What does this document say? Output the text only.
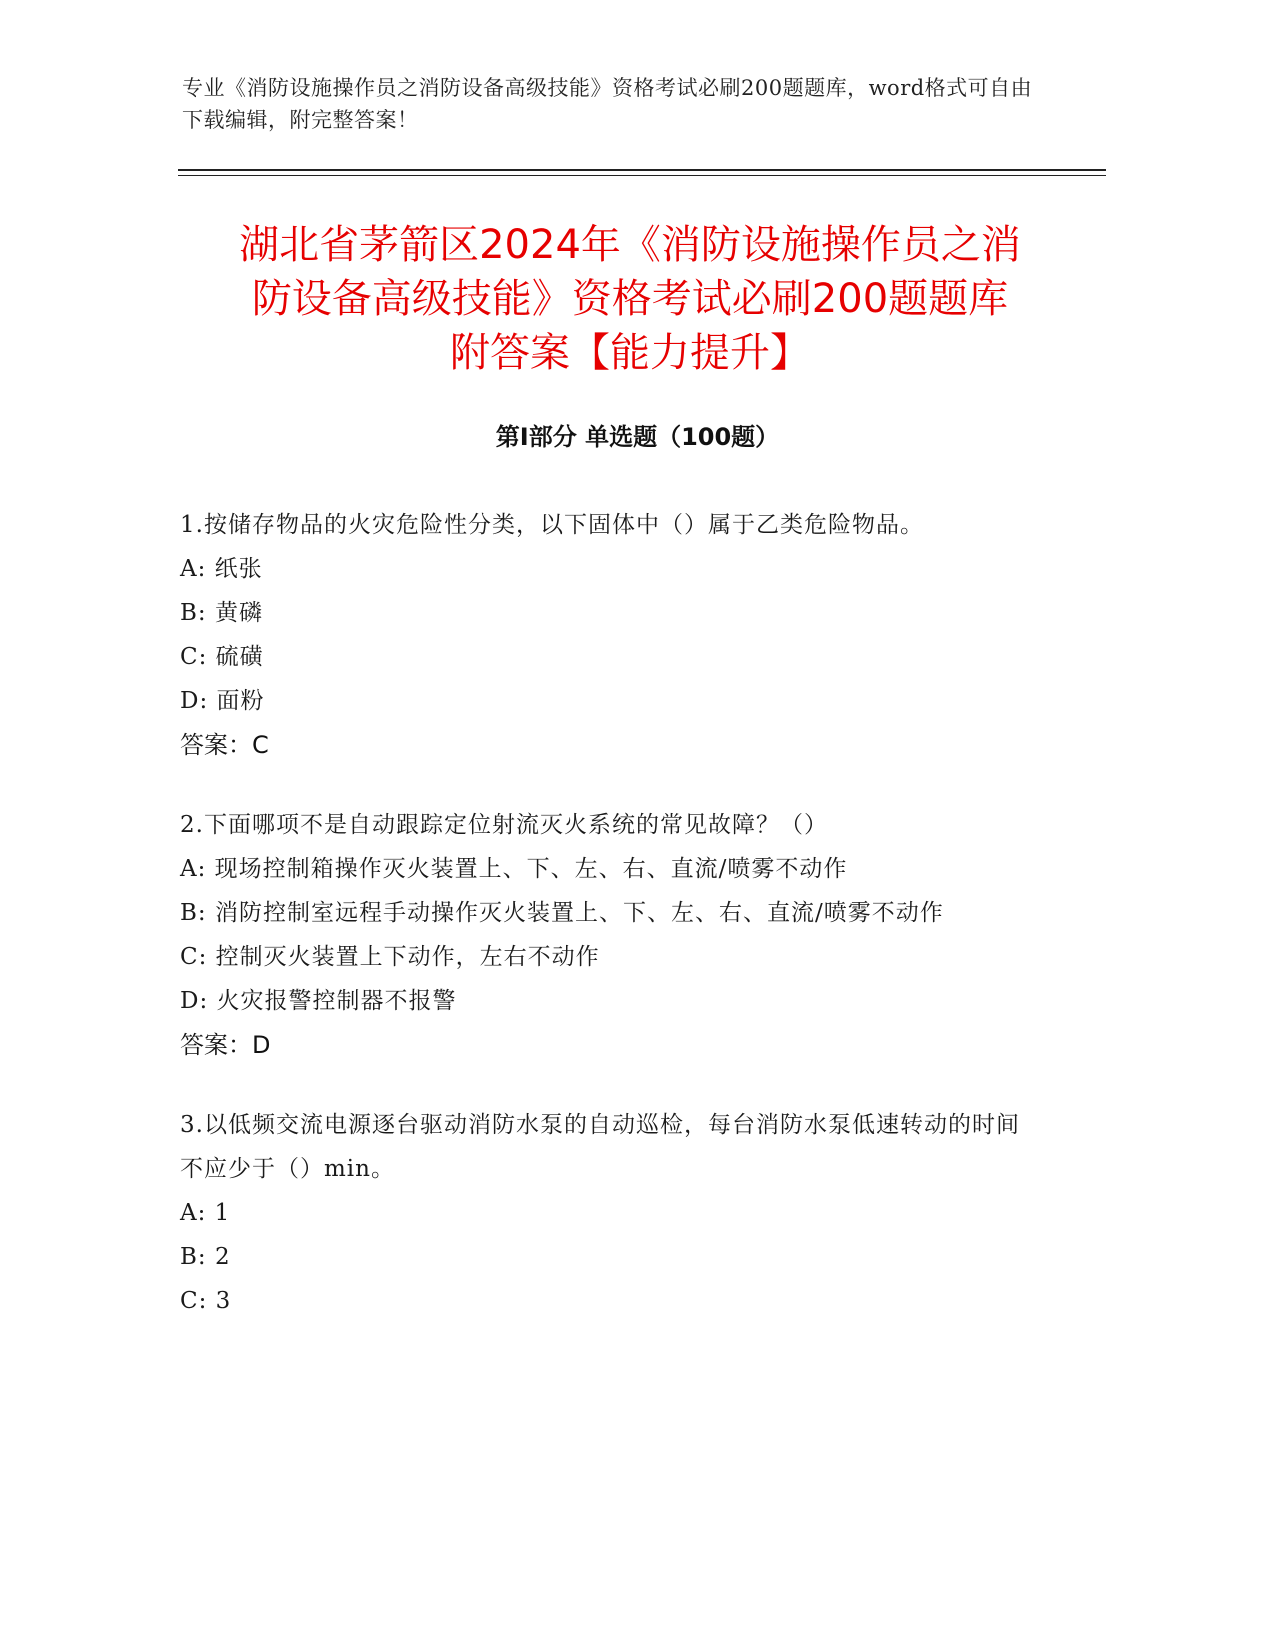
专业《消防设施操作员之消防设备高级技能》资格考试必刷200题题库，word格式可自由下载编辑，附完整答案！
湖北省茅箭区2024年《消防设施操作员之消
防设备高级技能》资格考试必刷200题题库
附答案【能力提升】
第Ⅰ部分 单选题（100题）
1.按储存物品的火灾危险性分类，以下固体中（）属于乙类危险物品。
A: 纸张
B: 黄磷
C: 硫磺
D: 面粉
答案：C
2.下面哪项不是自动跟踪定位射流灭火系统的常见故障？（）
A: 现场控制箱操作灭火装置上、下、左、右、直流/喷雾不动作
B: 消防控制室远程手动操作灭火装置上、下、左、右、直流/喷雾不动作
C: 控制灭火装置上下动作，左右不动作
D: 火灾报警控制器不报警
答案：D
3.以低频交流电源逐台驱动消防水泵的自动巡检，每台消防水泵低速转动的时间不应少于（）min。
A: 1
B: 2
C: 3
